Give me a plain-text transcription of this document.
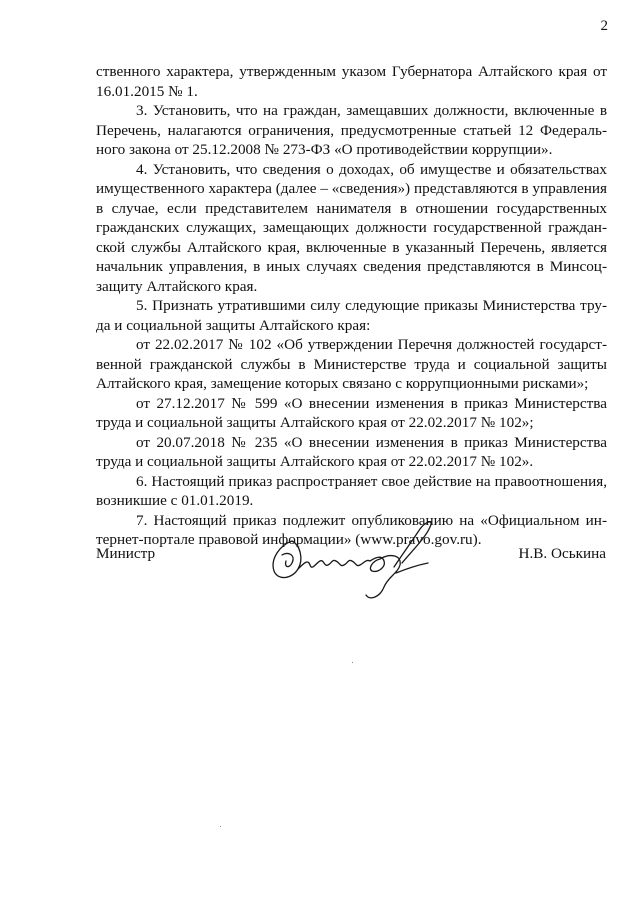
2

ственного характера, утвержденным указом Губернатора Алтайского края от 16.01.2015 № 1.

3. Установить, что на граждан, замещавших должности, включенные в Перечень, налагаются ограничения, предусмотренные статьей 12 Федерального закона от 25.12.2008 № 273-ФЗ «О противодействии коррупции».

4. Установить, что сведения о доходах, об имуществе и обязательствах имущественного характера (далее – «сведения») представляются в управления в случае, если представителем нанимателя в отношении государственных гражданских служащих, замещающих должности государственной гражданской службы Алтайского края, включенные в указанный Перечень, является начальник управления, в иных случаях сведения представляются в Минсоцзащиту Алтайского края.

5. Признать утратившими силу следующие приказы Министерства труда и социальной защиты Алтайского края:

от 22.02.2017 № 102 «Об утверждении Перечня должностей государственной гражданской службы в Министерстве труда и социальной защиты Алтайского края, замещение которых связано с коррупционными рисками»;

от 27.12.2017 № 599 «О внесении изменения в приказ Министерства труда и социальной защиты Алтайского края от 22.02.2017 № 102»;

от 20.07.2018 № 235 «О внесении изменения в приказ Министерства труда и социальной защиты Алтайского края от 22.02.2017 № 102».

6. Настоящий приказ распространяет свое действие на правоотношения, возникшие с 01.01.2019.

7. Настоящий приказ подлежит опубликованию на «Официальном интернет-портале правовой информации» (www.pravo.gov.ru).

Министр	Н.В. Оськина
